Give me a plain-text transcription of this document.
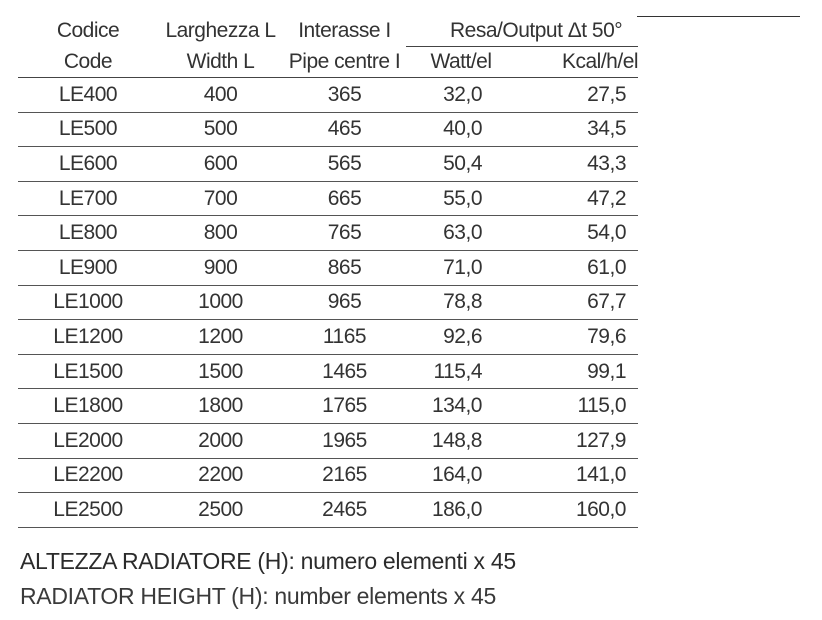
Codice	Larghezza L	Interasse I	Resa/Output Δt 50°	
Code	Width L	Pipe centre I	Watt/el	Kcal/h/el
LE400	400	365	32,0	27,5
LE500	500	465	40,0	34,5
LE600	600	565	50,4	43,3
LE700	700	665	55,0	47,2
LE800	800	765	63,0	54,0
LE900	900	865	71,0	61,0
LE1000	1000	965	78,8	67,7
LE1200	1200	1165	92,6	79,6
LE1500	1500	1465	115,4	99,1
LE1800	1800	1765	134,0	115,0
LE2000	2000	1965	148,8	127,9
LE2200	2200	2165	164,0	141,0
LE2500	2500	2465	186,0	160,0
ALTEZZA RADIATORE (H): numero elementi x 45
RADIATOR HEIGHT (H): number elements x 45
